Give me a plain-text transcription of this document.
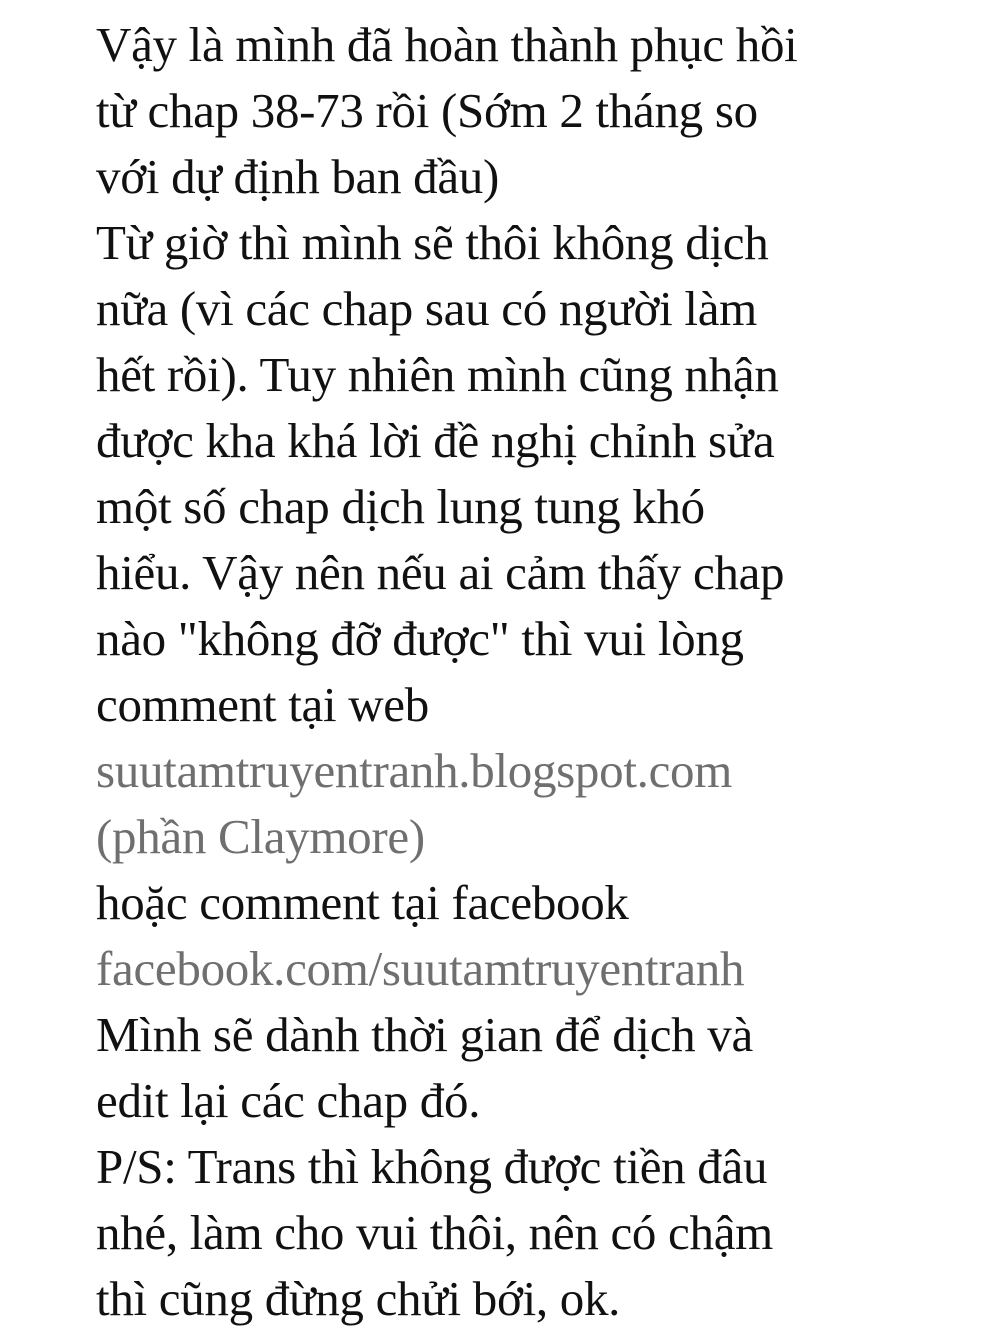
Vậy là mình đã hoàn thành phục hồi
từ chap 38-73 rồi (Sớm 2 tháng so
với dự định ban đầu)
Từ giờ thì mình sẽ thôi không dịch
nữa (vì các chap sau có người làm
hết rồi). Tuy nhiên mình cũng nhận
được kha khá lời đề nghị chỉnh sửa
một số chap dịch lung tung khó
hiểu. Vậy nên nếu ai cảm thấy chap
nào "không đỡ được" thì vui lòng
comment tại web
suutamtruyentranh.blogspot.com
(phần Claymore)
hoặc comment tại facebook
facebook.com/suutamtruyentranh
Mình sẽ dành thời gian để dịch và
edit lại các chap đó.
P/S: Trans thì không được tiền đâu
nhé, làm cho vui thôi, nên có chậm
thì cũng đừng chửi bới, ok.
